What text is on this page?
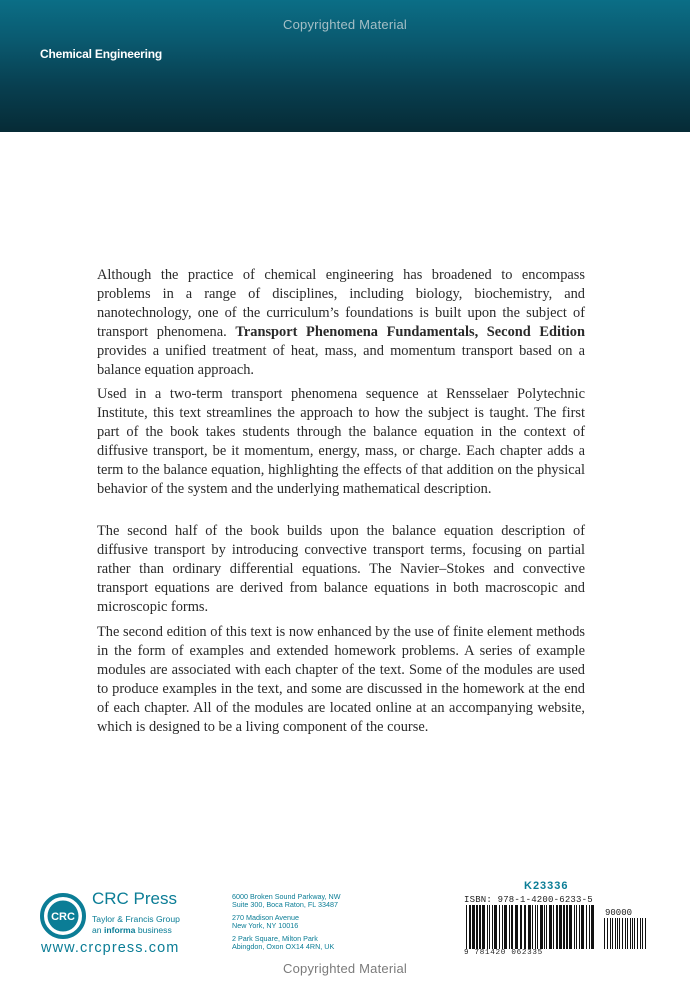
Copyrighted Material
Chemical Engineering

Although the practice of chemical engineering has broadened to encompass problems in a range of disciplines, including biology, biochemistry, and nanotechnology, one of the curriculum’s foundations is built upon the subject of transport phenomena. Transport Phenomena Fundamentals, Second Edition provides a unified treatment of heat, mass, and momentum transport based on a balance equation approach.

Used in a two-term transport phenomena sequence at Rensselaer Polytechnic Institute, this text streamlines the approach to how the subject is taught. The first part of the book takes students through the balance equation in the context of diffusive transport, be it momentum, energy, mass, or charge. Each chapter adds a term to the balance equation, highlighting the effects of that addition on the physical behavior of the system and the underlying mathematical description.

The second half of the book builds upon the balance equation description of diffusive transport by introducing convective transport terms, focusing on partial rather than ordinary differential equations. The Navier–Stokes and convective transport equations are derived from balance equations in both macroscopic and microscopic forms.

The second edition of this text is now enhanced by the use of finite element methods in the form of examples and extended homework problems. A series of example modules are associated with each chapter of the text. Some of the modules are used to produce examples in the text, and some are discussed in the homework at the end of each chapter. All of the modules are located online at an accompanying website, which is designed to be a living component of the course.

CRC
CRC Press
Taylor & Francis Group
an informa business
www.crcpress.com
6000 Broken Sound Parkway, NW
Suite 300, Boca Raton, FL 33487
270 Madison Avenue
New York, NY 10016
2 Park Square, Milton Park
Abingdon, Oxon OX14 4RN, UK
K23336
ISBN: 978-1-4200-6233-5
90000
9 781420 062335
Copyrighted Material
